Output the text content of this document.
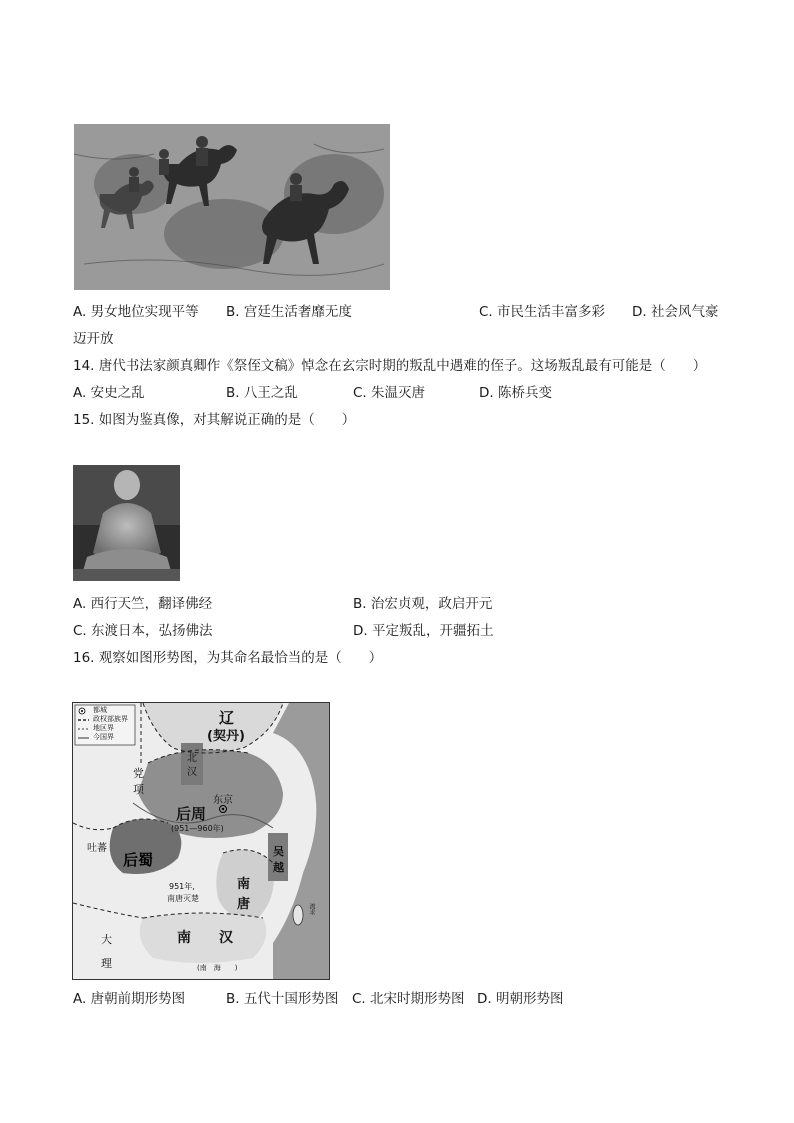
A. 男女地位实现平等 B. 宫廷生活奢靡无度	C. 市民生活丰富多彩 D. 社会风气豪
迈开放
14. 唐代书法家颜真卿作《祭侄文稿》悼念在玄宗时期的叛乱中遇难的侄子。这场叛乱最有可能是（　　）
A. 安史之乱	B. 八王之乱	C. 朱温灭唐	D. 陈桥兵变
15. 如图为鉴真像，对其解说正确的是（　　）
A. 西行天竺，翻译佛经	B. 治宏贞观，政启开元
C. 东渡日本，弘扬佛法	D. 平定叛乱，开疆拓土
16. 观察如图形势图，为其命名最恰当的是（　　）
都城
政权部族界
地区界
今国界
辽
(契丹)
北
汉
党
项
东京
后周
(951—960年)
吐蕃
后蜀	吴
越
951年,
南唐灭楚
南
唐
南 汉
大
理
流求
(南　海　　)
A. 唐朝前期形势图	B. 五代十国形势图 C. 北宋时期形势图 D. 明朝形势图
